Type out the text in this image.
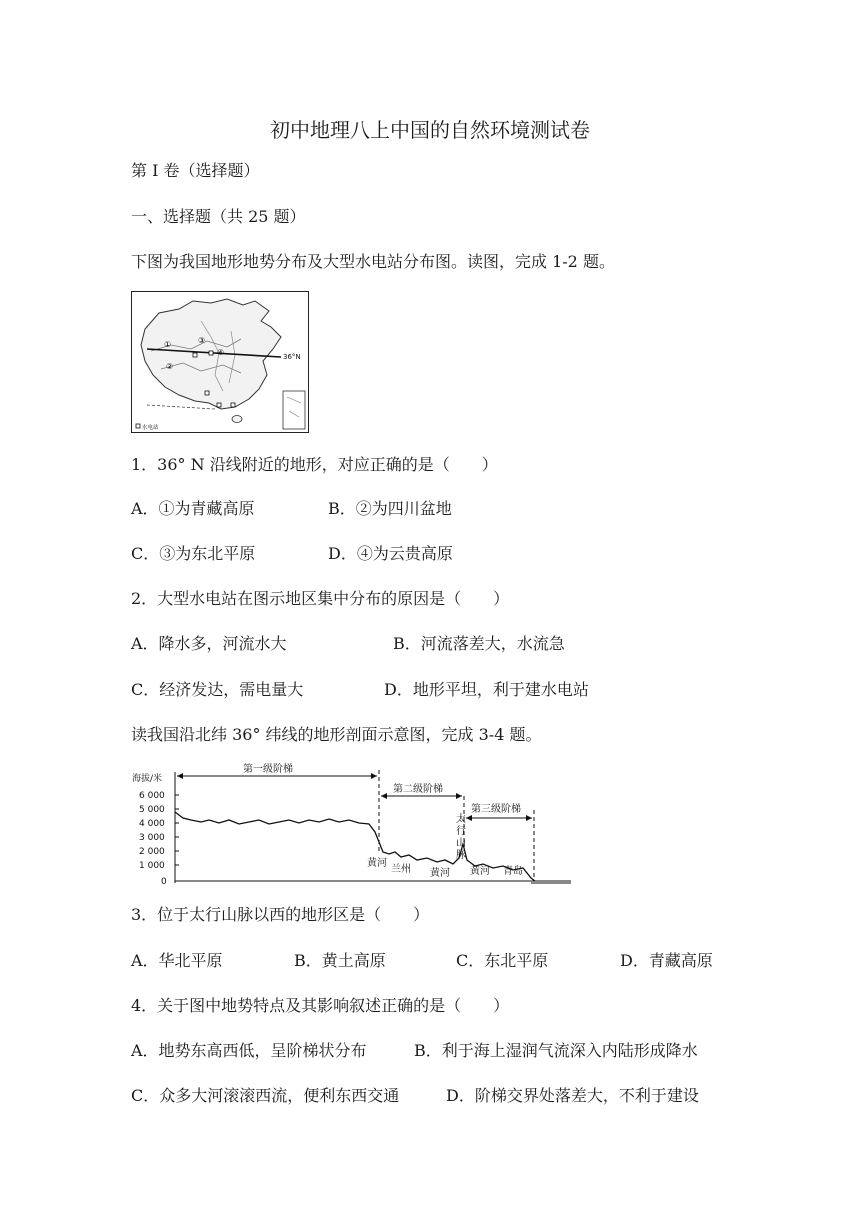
初中地理八上中国的自然环境测试卷
第 I 卷（选择题）
一、选择题（共 25 题）
下图为我国地形地势分布及大型水电站分布图。读图，完成 1-2 题。
36°N
①
②
③
④
水电站
1．36° N 沿线附近的地形，对应正确的是（　　）
A．①为青藏高原	B．②为四川盆地
C．③为东北平原	D．④为云贵高原
2．大型水电站在图示地区集中分布的原因是（　　）
A．降水多，河流水大	B．河流落差大，水流急
C．经济发达，需电量大	D．地形平坦，利于建水电站
读我国沿北纬 36° 纬线的地形剖面示意图，完成 3-4 题。
海拔/米
6 000
5 000
4 000
3 000
2 000
1 000
0
第一级阶梯
第二级阶梯
第三级阶梯
太
行
山
脉
黄河
兰州 黄河 黄河 青岛
3．位于太行山脉以西的地形区是（　　）
A．华北平原	B．黄土高原	C．东北平原	D．青藏高原
4．关于图中地势特点及其影响叙述正确的是（　　）
A．地势东高西低，呈阶梯状分布	B．利于海上湿润气流深入内陆形成降水
C．众多大河滚滚西流，便利东西交通	D．阶梯交界处落差大，不利于建设
